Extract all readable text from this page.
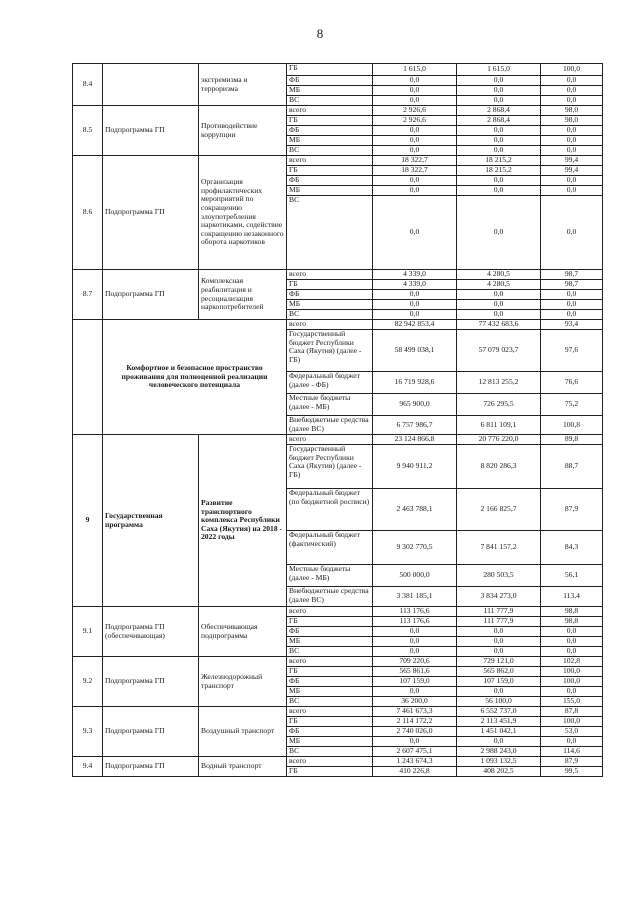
8
8.4		экстремизма и терроризма	ГБ	1 615,0	1 615,0	100,0
			ФБ	0,0	0,0	0,0
			МБ	0,0	0,0	0,0
			ВС	0,0	0,0	0,0
8.5	Подпрограмма ГП	Противодействие коррупции	всего	2 926,6	2 868,4	98,0
			ГБ	2 926,6	2 868,4	98,0
			ФБ	0,0	0,0	0,0
			МБ	0,0	0,0	0,0
			ВС	0,0	0,0	0,0
8.6	Подпрограмма ГП	Организация профилактических мероприятий по сокращению злоупотребления наркотиками, содействие сокращению незаконного оборота наркотиков	всего	18 322,7	18 215,2	99,4
			ГБ	18 322,7	18 215,2	99,4
			ФБ	0,0	0,0	0,0
			МБ	0,0	0,0	0,0
			ВС	0,0	0,0	0,0
8.7	Подпрограмма ГП	Комплексная реабилитация и ресоциализация наркопотребителей	всего	4 339,0	4 280,5	98,7
			ГБ	4 339,0	4 280,5	98,7
			ФБ	0,0	0,0	0,0
			МБ	0,0	0,0	0,0
			ВС	0,0	0,0	0,0
	Комфортное и безопасное пространство проживания для полноценной реализации человеческого потенциала		всего	82 942 853,4	77 432 683,6	93,4
			Государственный бюджет Республики Саха (Якутия) (далее - ГБ)	58 499 038,1	57 079 023,7	97,6
			Федеральный бюджет (далее - ФБ)	16 719 928,6	12 813 255,2	76,6
			Местные бюджеты (далее - МБ)	965 900,0	726 295,5	75,2
			Внебюджетные средства (далее ВС)	6 757 986,7	6 811 109,1	100,8
9	Государственная программа	Развитие транспортного комплекса Республики Саха (Якутия) на 2018 - 2022 годы	всего	23 124 866,8	20 776 220,0	89,8
			Государственный бюджет Республики Саха (Якутия) (далее - ГБ)	9 940 911,2	8 820 286,3	88,7
			Федеральный бюджет (по бюджетной росписи)	2 463 788,1	2 166 825,7	87,9
			Федеральный бюджет (фактический)	9 302 770,5	7 841 157,2	84,3
			Местные бюджеты (далее - МБ)	500 000,0	280 503,5	56,1
			Внебюджетные средства (далее ВС)	3 381 185,1	3 834 273,0	113,4
9.1	Подпрограмма ГП (обеспечивающая)	Обеспечивающая подпрограмма	всего	113 176,6	111 777,9	98,8
			ГБ	113 176,6	111 777,9	98,8
			ФБ	0,0	0,0	0,0
			МБ	0,0	0,0	0,0
			ВС	0,0	0,0	0,0
9.2	Подпрограмма ГП	Железнодорожный транспорт	всего	709 220,6	729 121,0	102,8
			ГБ	565 861,6	565 862,0	100,0
			ФБ	107 159,0	107 159,0	100,0
			МБ	0,0	0,0	0,0
			ВС	36 200,0	56 100,0	155,0
9.3	Подпрограмма ГП	Воздушный транспорт	всего	7 461 673,3	6 552 737,0	87,8
			ГБ	2 114 172,2	2 113 451,9	100,0
			ФБ	2 740 026,0	1 451 042,1	53,0
			МБ	0,0	0,0	0,0
			ВС	2 607 475,1	2 988 243,0	114,6
9.4	Подпрограмма ГП	Водный транспорт	всего	1 243 674,3	1 093 132,5	87,9
			ГБ	410 226,8	408 202,5	99,5
